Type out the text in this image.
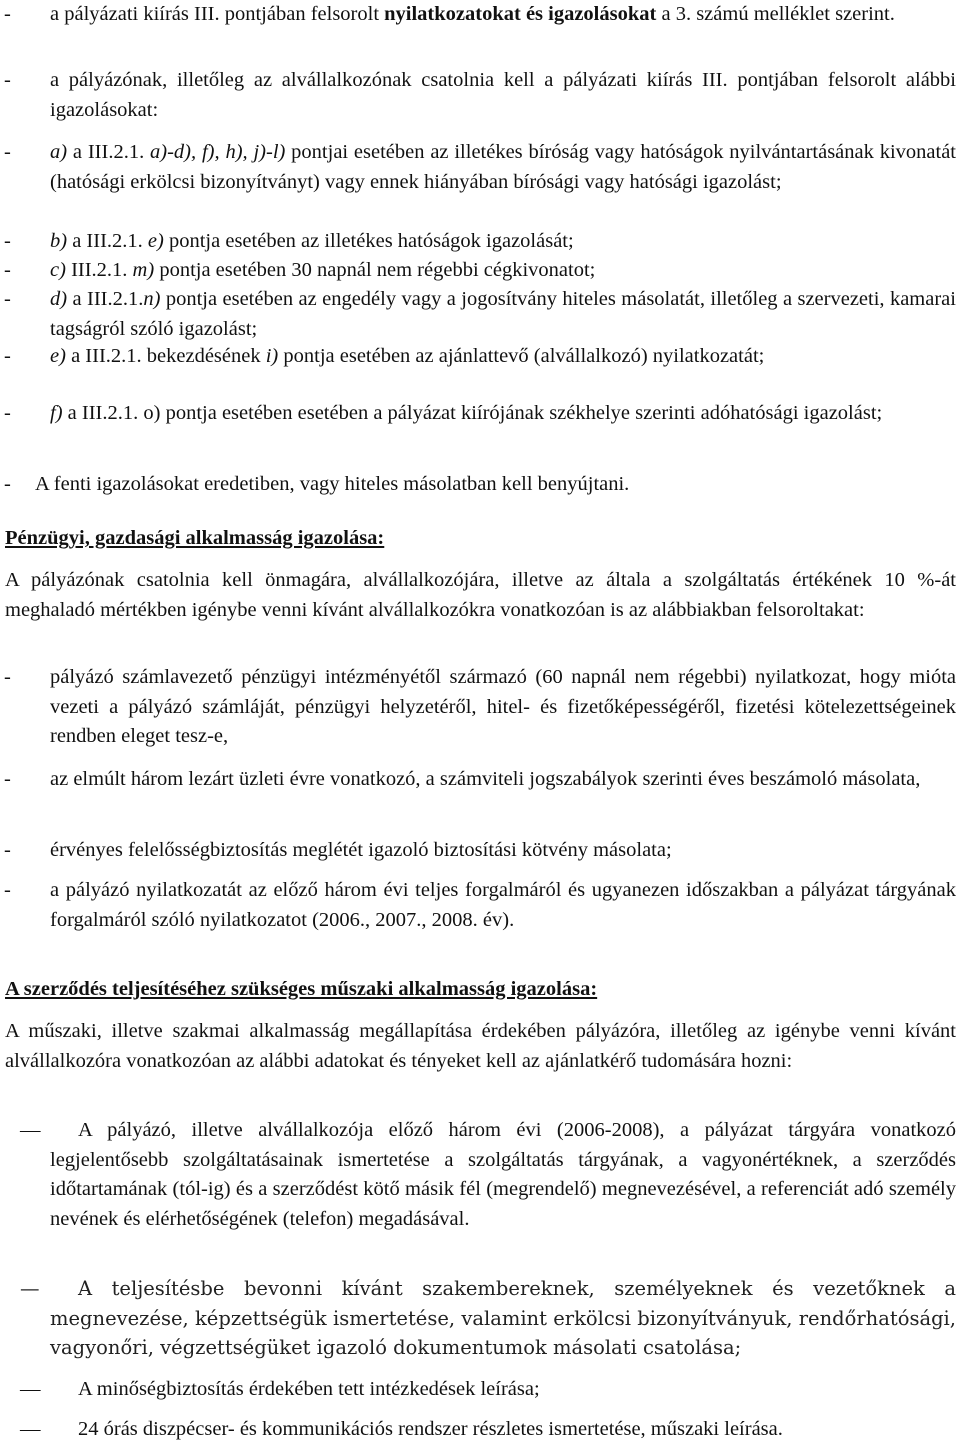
- a pályázati kiírás III. pontjában felsorolt nyilatkozatokat és igazolásokat a 3. számú melléklet szerint.
- a pályázónak, illetőleg az alvállalkozónak csatolnia kell a pályázati kiírás III. pontjában felsorolt alábbi igazolásokat:
- a) a III.2.1. a)-d), f), h), j)-l) pontjai esetében az illetékes bíróság vagy hatóságok nyilvántartásának kivonatát (hatósági erkölcsi bizonyítványt) vagy ennek hiányában bírósági vagy hatósági igazolást;
- b) a III.2.1. e) pontja esetében az illetékes hatóságok igazolását;
- c) III.2.1. m) pontja esetében 30 napnál nem régebbi cégkivonatot;
- d) a III.2.1.n) pontja esetében az engedély vagy a jogosítvány hiteles másolatát, illetőleg a szervezeti, kamarai tagságról szóló igazolást;
- e) a III.2.1. bekezdésének i) pontja esetében az ajánlattevő (alvállalkozó) nyilatkozatát;
- f) a III.2.1. o) pontja esetében esetében a pályázat kiírójának székhelye szerinti adóhatósági igazolást;
- A fenti igazolásokat eredetiben, vagy hiteles másolatban kell benyújtani.
Pénzügyi, gazdasági alkalmasság igazolása:
A pályázónak csatolnia kell önmagára, alvállalkozójára, illetve az általa a szolgáltatás értékének 10 %-át meghaladó mértékben igénybe venni kívánt alvállalkozókra vonatkozóan is az alábbiakban felsoroltakat:
- pályázó számlavezető pénzügyi intézményétől származó (60 napnál nem régebbi) nyilatkozat, hogy mióta vezeti a pályázó számláját, pénzügyi helyzetéről, hitel- és fizetőképességéről, fizetési kötelezettségeinek rendben eleget tesz-e,
- az elmúlt három lezárt üzleti évre vonatkozó, a számviteli jogszabályok szerinti éves beszámoló másolata,
- érvényes felelősségbiztosítás meglétét igazoló biztosítási kötvény másolata;
- a pályázó nyilatkozatát az előző három évi teljes forgalmáról és ugyanezen időszakban a pályázat tárgyának forgalmáról szóló nyilatkozatot (2006., 2007., 2008. év).
A szerződés teljesítéséhez szükséges műszaki alkalmasság igazolása:
A műszaki, illetve szakmai alkalmasság megállapítása érdekében pályázóra, illetőleg az igénybe venni kívánt alvállalkozóra vonatkozóan az alábbi adatokat és tényeket kell az ajánlatkérő tudomására hozni:
—	A pályázó, illetve alvállalkozója előző három évi (2006-2008), a pályázat tárgyára vonatkozó legjelentősebb szolgáltatásainak ismertetése a szolgáltatás tárgyának, a vagyonértéknek, a szerződés időtartamának (tól-ig) és a szerződést kötő másik fél (megrendelő) megnevezésével, a referenciát adó személy nevének és elérhetőségének (telefon) megadásával.
—	A teljesítésbe bevonni kívánt szakembereknek, személyeknek és vezetőknek a megnevezése, képzettségük ismertetése, valamint erkölcsi bizonyítványuk, rendőrhatósági, vagyonőri, végzettségüket igazoló dokumentumok másolati csatolása;
—	A minőségbiztosítás érdekében tett intézkedések leírása;
—	24 órás diszpécser- és kommunikációs rendszer részletes ismertetése, műszaki leírása.
